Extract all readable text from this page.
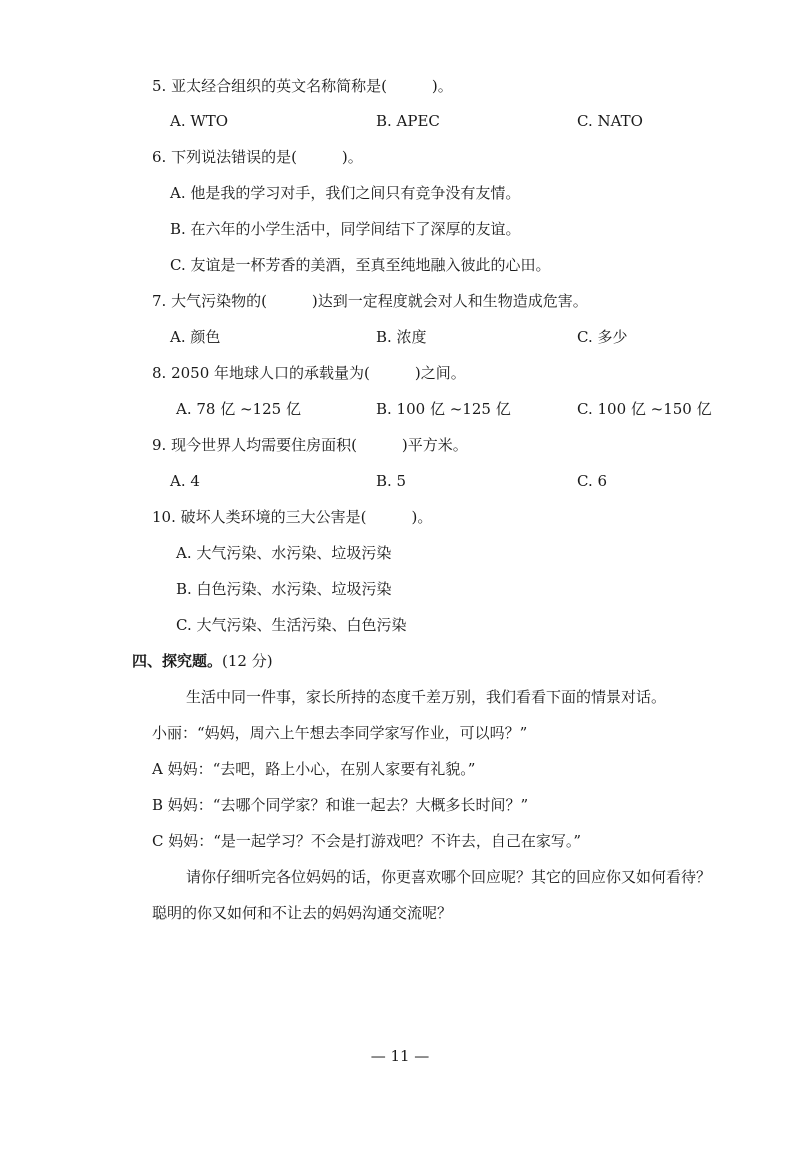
5. 亚太经合组织的英文名称简称是(　　　)。
A. WTO	B. APEC	C. NATO
6. 下列说法错误的是(　　　)。
A. 他是我的学习对手，我们之间只有竞争没有友情。
B. 在六年的小学生活中，同学间结下了深厚的友谊。
C. 友谊是一杯芳香的美酒，至真至纯地融入彼此的心田。
7. 大气污染物的(　　　)达到一定程度就会对人和生物造成危害。
A. 颜色	B. 浓度	C. 多少
8. 2050 年地球人口的承载量为(　　　)之间。
A. 78 亿 ~125 亿	B. 100 亿 ~125 亿	C. 100 亿 ~150 亿
9. 现今世界人均需要住房面积(　　　)平方米。
A. 4	B. 5	C. 6
10. 破坏人类环境的三大公害是(　　　)。
A. 大气污染、水污染、垃圾污染
B. 白色污染、水污染、垃圾污染
C. 大气污染、生活污染、白色污染
四、探究题。(12 分)
生活中同一件事，家长所持的态度千差万别，我们看看下面的情景对话。
小丽：“妈妈，周六上午想去李同学家写作业，可以吗？”
A 妈妈：“去吧，路上小心，在别人家要有礼貌。”
B 妈妈：“去哪个同学家？和谁一起去？大概多长时间？”
C 妈妈：“是一起学习？不会是打游戏吧？不许去，自己在家写。”
请你仔细听完各位妈妈的话，你更喜欢哪个回应呢？其它的回应你又如何看待？
聪明的你又如何和不让去的妈妈沟通交流呢？
— 11 —
